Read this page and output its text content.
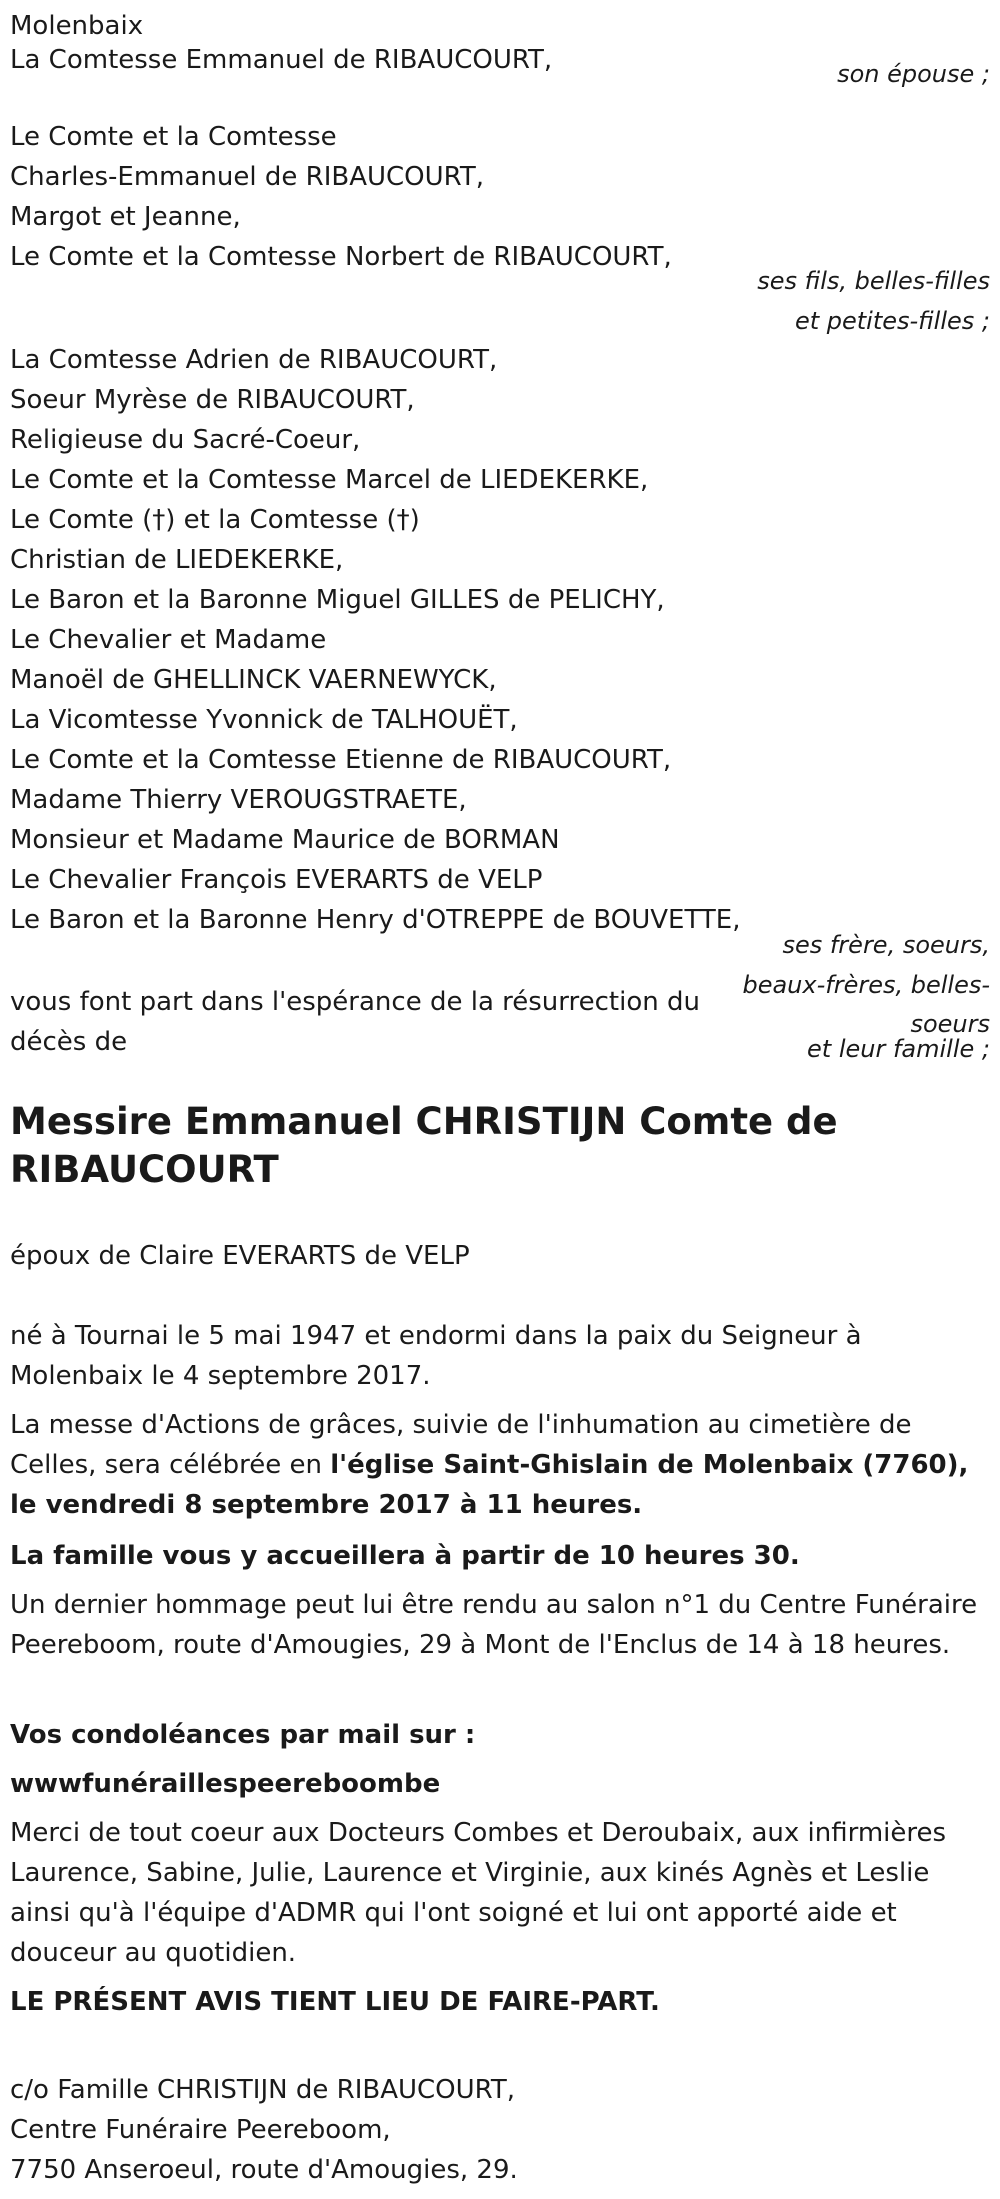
Molenbaix
La Comtesse Emmanuel de RIBAUCOURT,	son épouse ;
Le Comte et la Comtesse
Charles-Emmanuel de RIBAUCOURT,
Margot et Jeanne,
Le Comte et la Comtesse Norbert de RIBAUCOURT,
ses fils, belles-filles
et petites-filles ;
La Comtesse Adrien de RIBAUCOURT,
Soeur Myrèse de RIBAUCOURT,
Religieuse du Sacré-Coeur,
Le Comte et la Comtesse Marcel de LIEDEKERKE,
Le Comte (†) et la Comtesse (†)
Christian de LIEDEKERKE,
Le Baron et la Baronne Miguel GILLES de PELICHY,
Le Chevalier et Madame
Manoël de GHELLINCK VAERNEWYCK,
La Vicomtesse Yvonnick de TALHOUËT,
Le Comte et la Comtesse Etienne de RIBAUCOURT,
Madame Thierry VEROUGSTRAETE,
Monsieur et Madame Maurice de BORMAN
Le Chevalier François EVERARTS de VELP
Le Baron et la Baronne Henry d'OTREPPE de BOUVETTE,
ses frère, soeurs,
beaux-frères, belles-
soeurs
et leur famille ;
vous font part dans l'espérance de la résurrection du
décès de
Messire Emmanuel CHRISTIJN Comte de
RIBAUCOURT
époux de Claire EVERARTS de VELP
né à Tournai le 5 mai 1947 et endormi dans la paix du Seigneur à Molenbaix le 4 septembre 2017.
La messe d'Actions de grâces, suivie de l'inhumation au cimetière de Celles, sera célébrée en l'église Saint-Ghislain de Molenbaix (7760), le vendredi 8 septembre 2017 à 11 heures.
La famille vous y accueillera à partir de 10 heures 30.
Un dernier hommage peut lui être rendu au salon n°1 du Centre Funéraire Peereboom, route d'Amougies, 29 à Mont de l'Enclus de 14 à 18 heures.
Vos condoléances par mail sur :
wwwfunéraillespeereboombe
Merci de tout coeur aux Docteurs Combes et Deroubaix, aux infirmières Laurence, Sabine, Julie, Laurence et Virginie, aux kinés Agnès et Leslie ainsi qu'à l'équipe d'ADMR qui l'ont soigné et lui ont apporté aide et douceur au quotidien.
LE PRÉSENT AVIS TIENT LIEU DE FAIRE-PART.
c/o Famille CHRISTIJN de RIBAUCOURT,
Centre Funéraire Peereboom,
7750 Anseroeul, route d'Amougies, 29.
